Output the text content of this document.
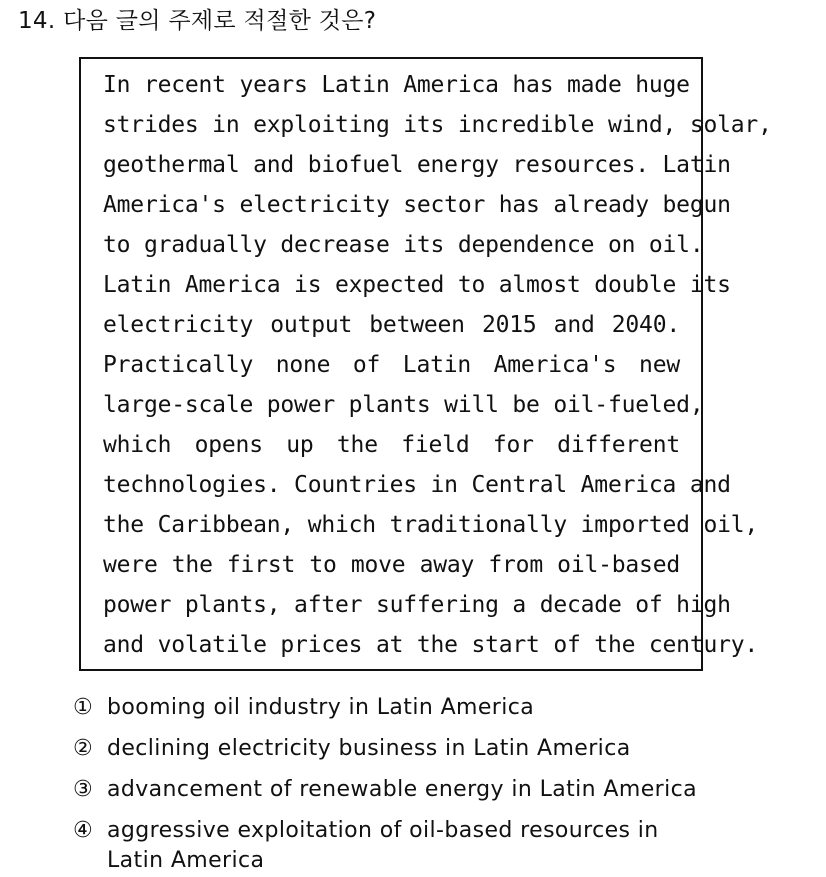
14. 다음 글의 주제로 적절한 것은?
In recent years Latin America has made huge
strides in exploiting its incredible wind, solar,
geothermal and biofuel energy resources. Latin
America's electricity sector has already begun
to gradually decrease its dependence on oil.
Latin America is expected to almost double its
electricity output between 2015 and 2040.
Practically none of Latin America's new
large-scale power plants will be oil-fueled,
which opens up the field for different
technologies. Countries in Central America and
the Caribbean, which traditionally imported oil,
were the first to move away from oil-based
power plants, after suffering a decade of high
and volatile prices at the start of the century.
① booming oil industry in Latin America
② declining electricity business in Latin America
③ advancement of renewable energy in Latin America
④ aggressive exploitation of oil-based resources in
Latin America
